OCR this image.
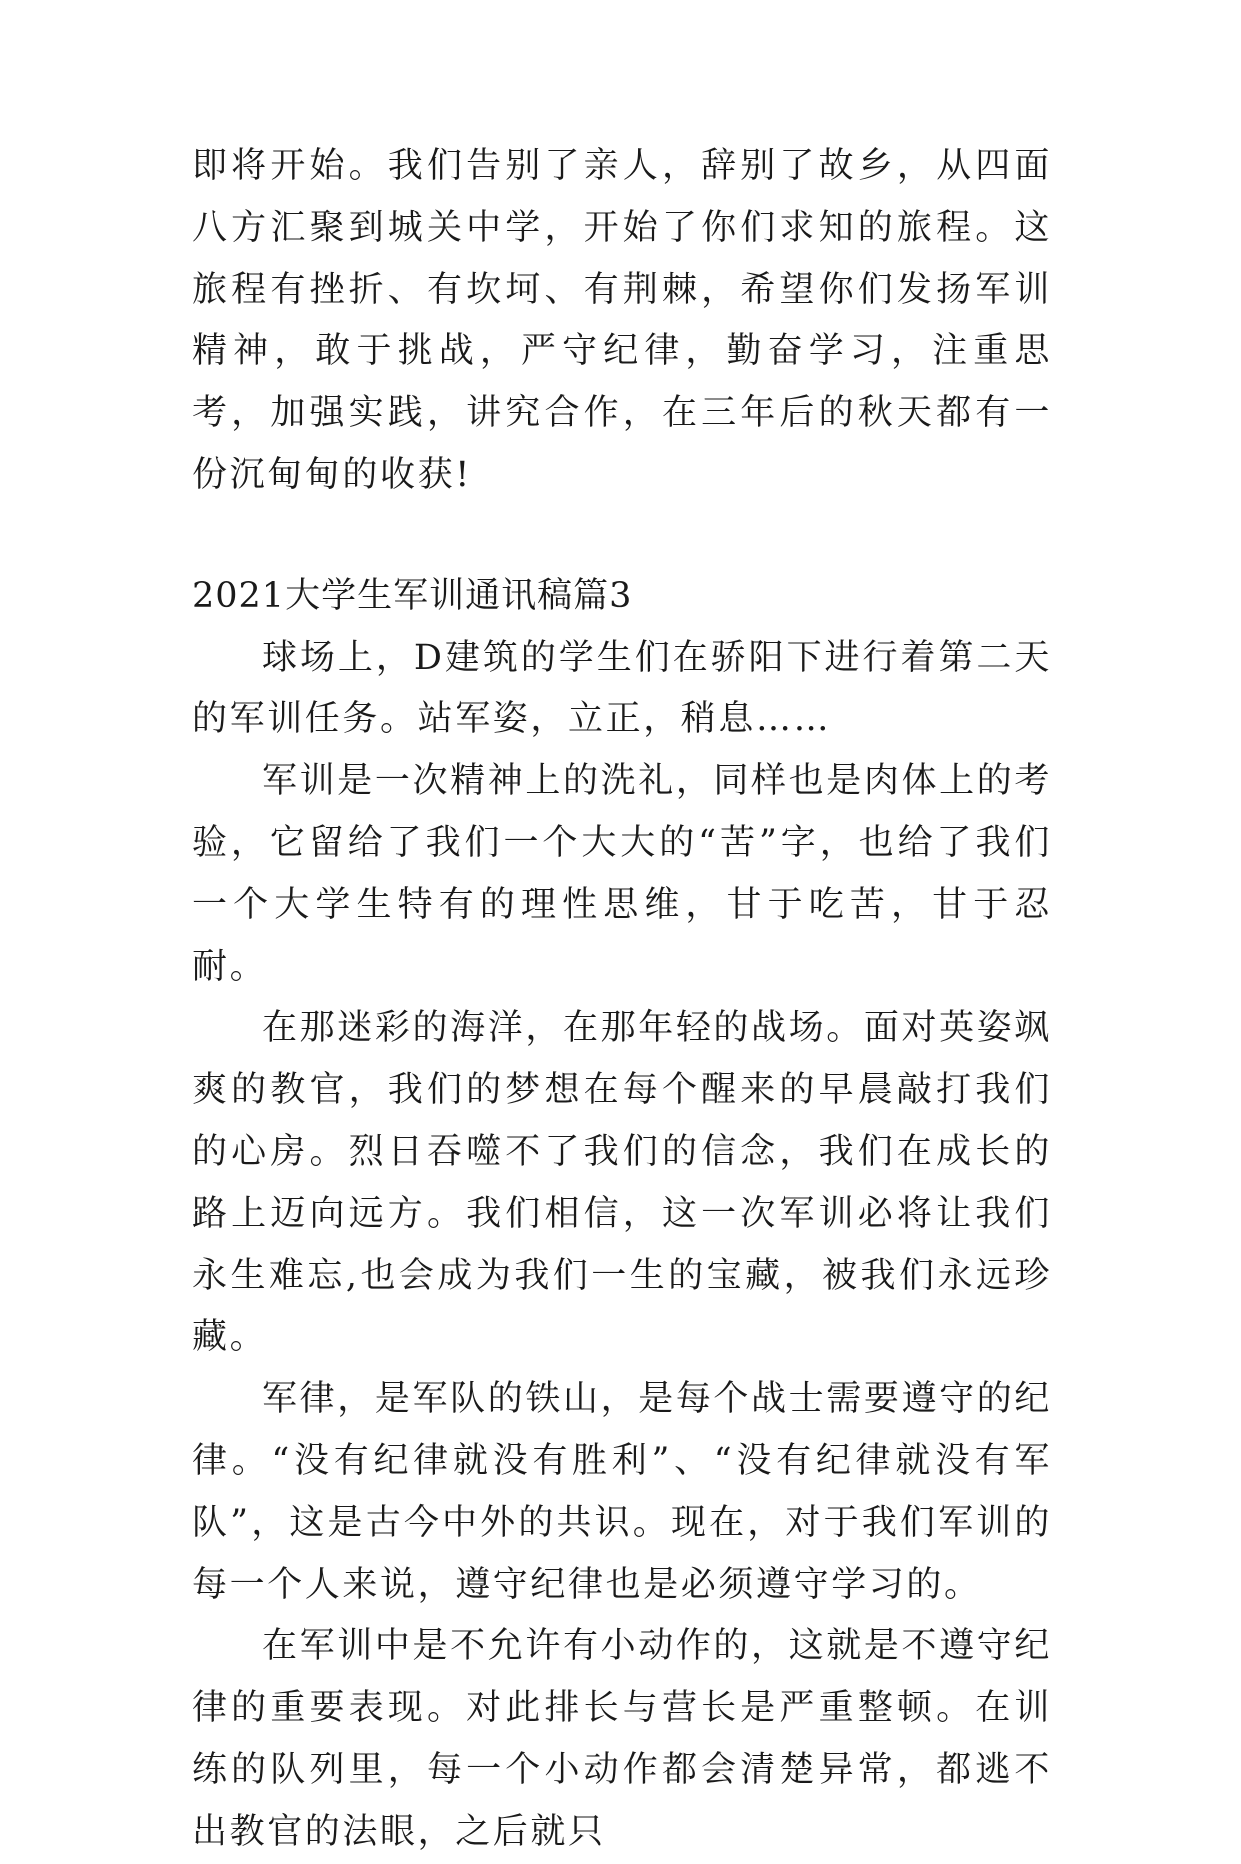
即将开始。我们告别了亲人，辞别了故乡，从四面八方汇聚到城关中学，开始了你们求知的旅程。这旅程有挫折、有坎坷、有荆棘，希望你们发扬军训精神，敢于挑战，严守纪律，勤奋学习，注重思考，加强实践，讲究合作，在三年后的秋天都有一份沉甸甸的收获!

2021大学生军训通讯稿篇3

球场上，D建筑的学生们在骄阳下进行着第二天的军训任务。站军姿，立正，稍息……

军训是一次精神上的洗礼，同样也是肉体上的考验，它留给了我们一个大大的“苦”字，也给了我们一个大学生特有的理性思维，甘于吃苦，甘于忍耐。

在那迷彩的海洋，在那年轻的战场。面对英姿飒爽的教官，我们的梦想在每个醒来的早晨敲打我们的心房。烈日吞噬不了我们的信念，我们在成长的路上迈向远方。我们相信，这一次军训必将让我们永生难忘,也会成为我们一生的宝藏，被我们永远珍藏。

军律，是军队的铁山，是每个战士需要遵守的纪律。“没有纪律就没有胜利”、“没有纪律就没有军队”，这是古今中外的共识。现在，对于我们军训的每一个人来说，遵守纪律也是必须遵守学习的。

在军训中是不允许有小动作的，这就是不遵守纪律的重要表现。对此排长与营长是严重整顿。在训练的队列里，每一个小动作都会清楚异常，都逃不出教官的法眼，之后就只
